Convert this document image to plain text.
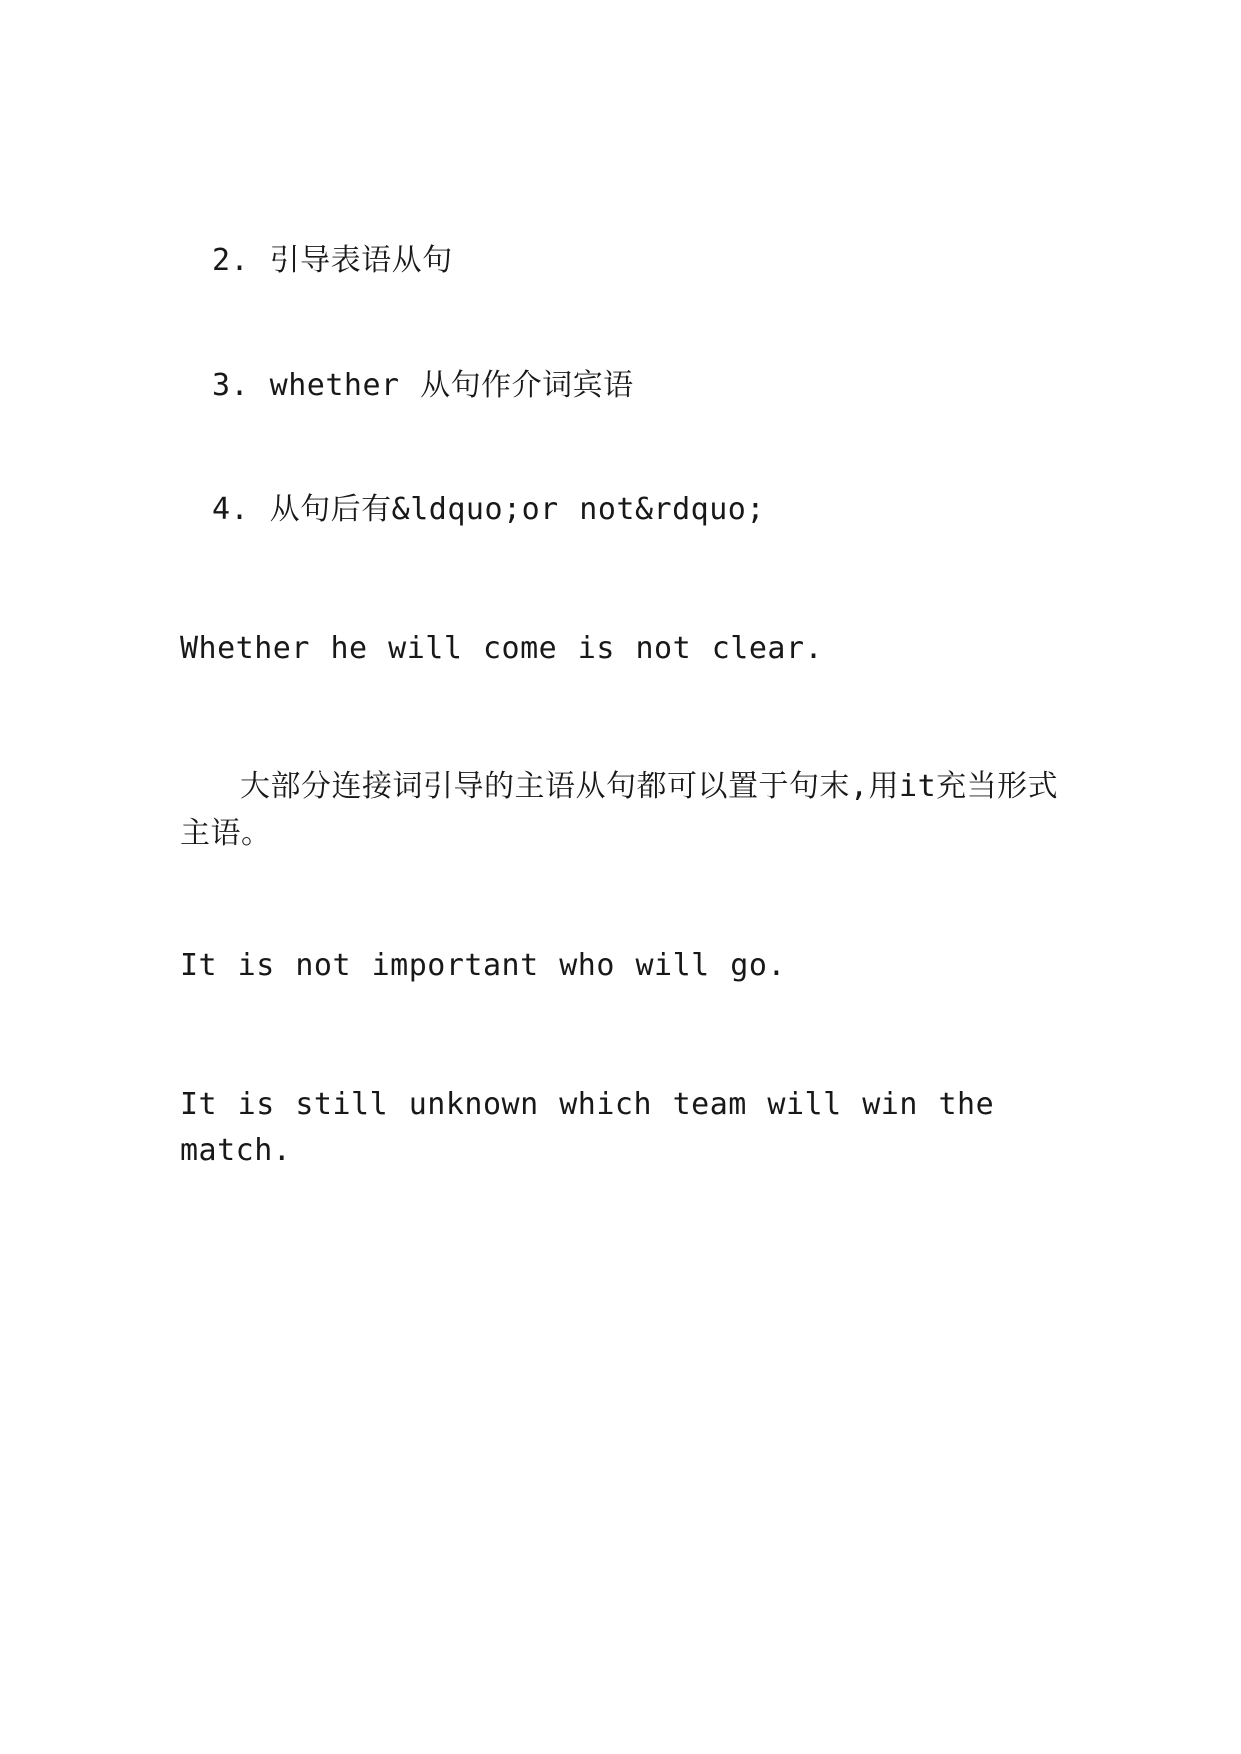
2. 引导表语从句

3. whether 从句作介词宾语

4. 从句后有&ldquo;or not&rdquo;

Whether he will come is not clear.

大部分连接词引导的主语从句都可以置于句末,用it充当形式主语。

It is not important who will go.

It is still unknown which team will win the match.
